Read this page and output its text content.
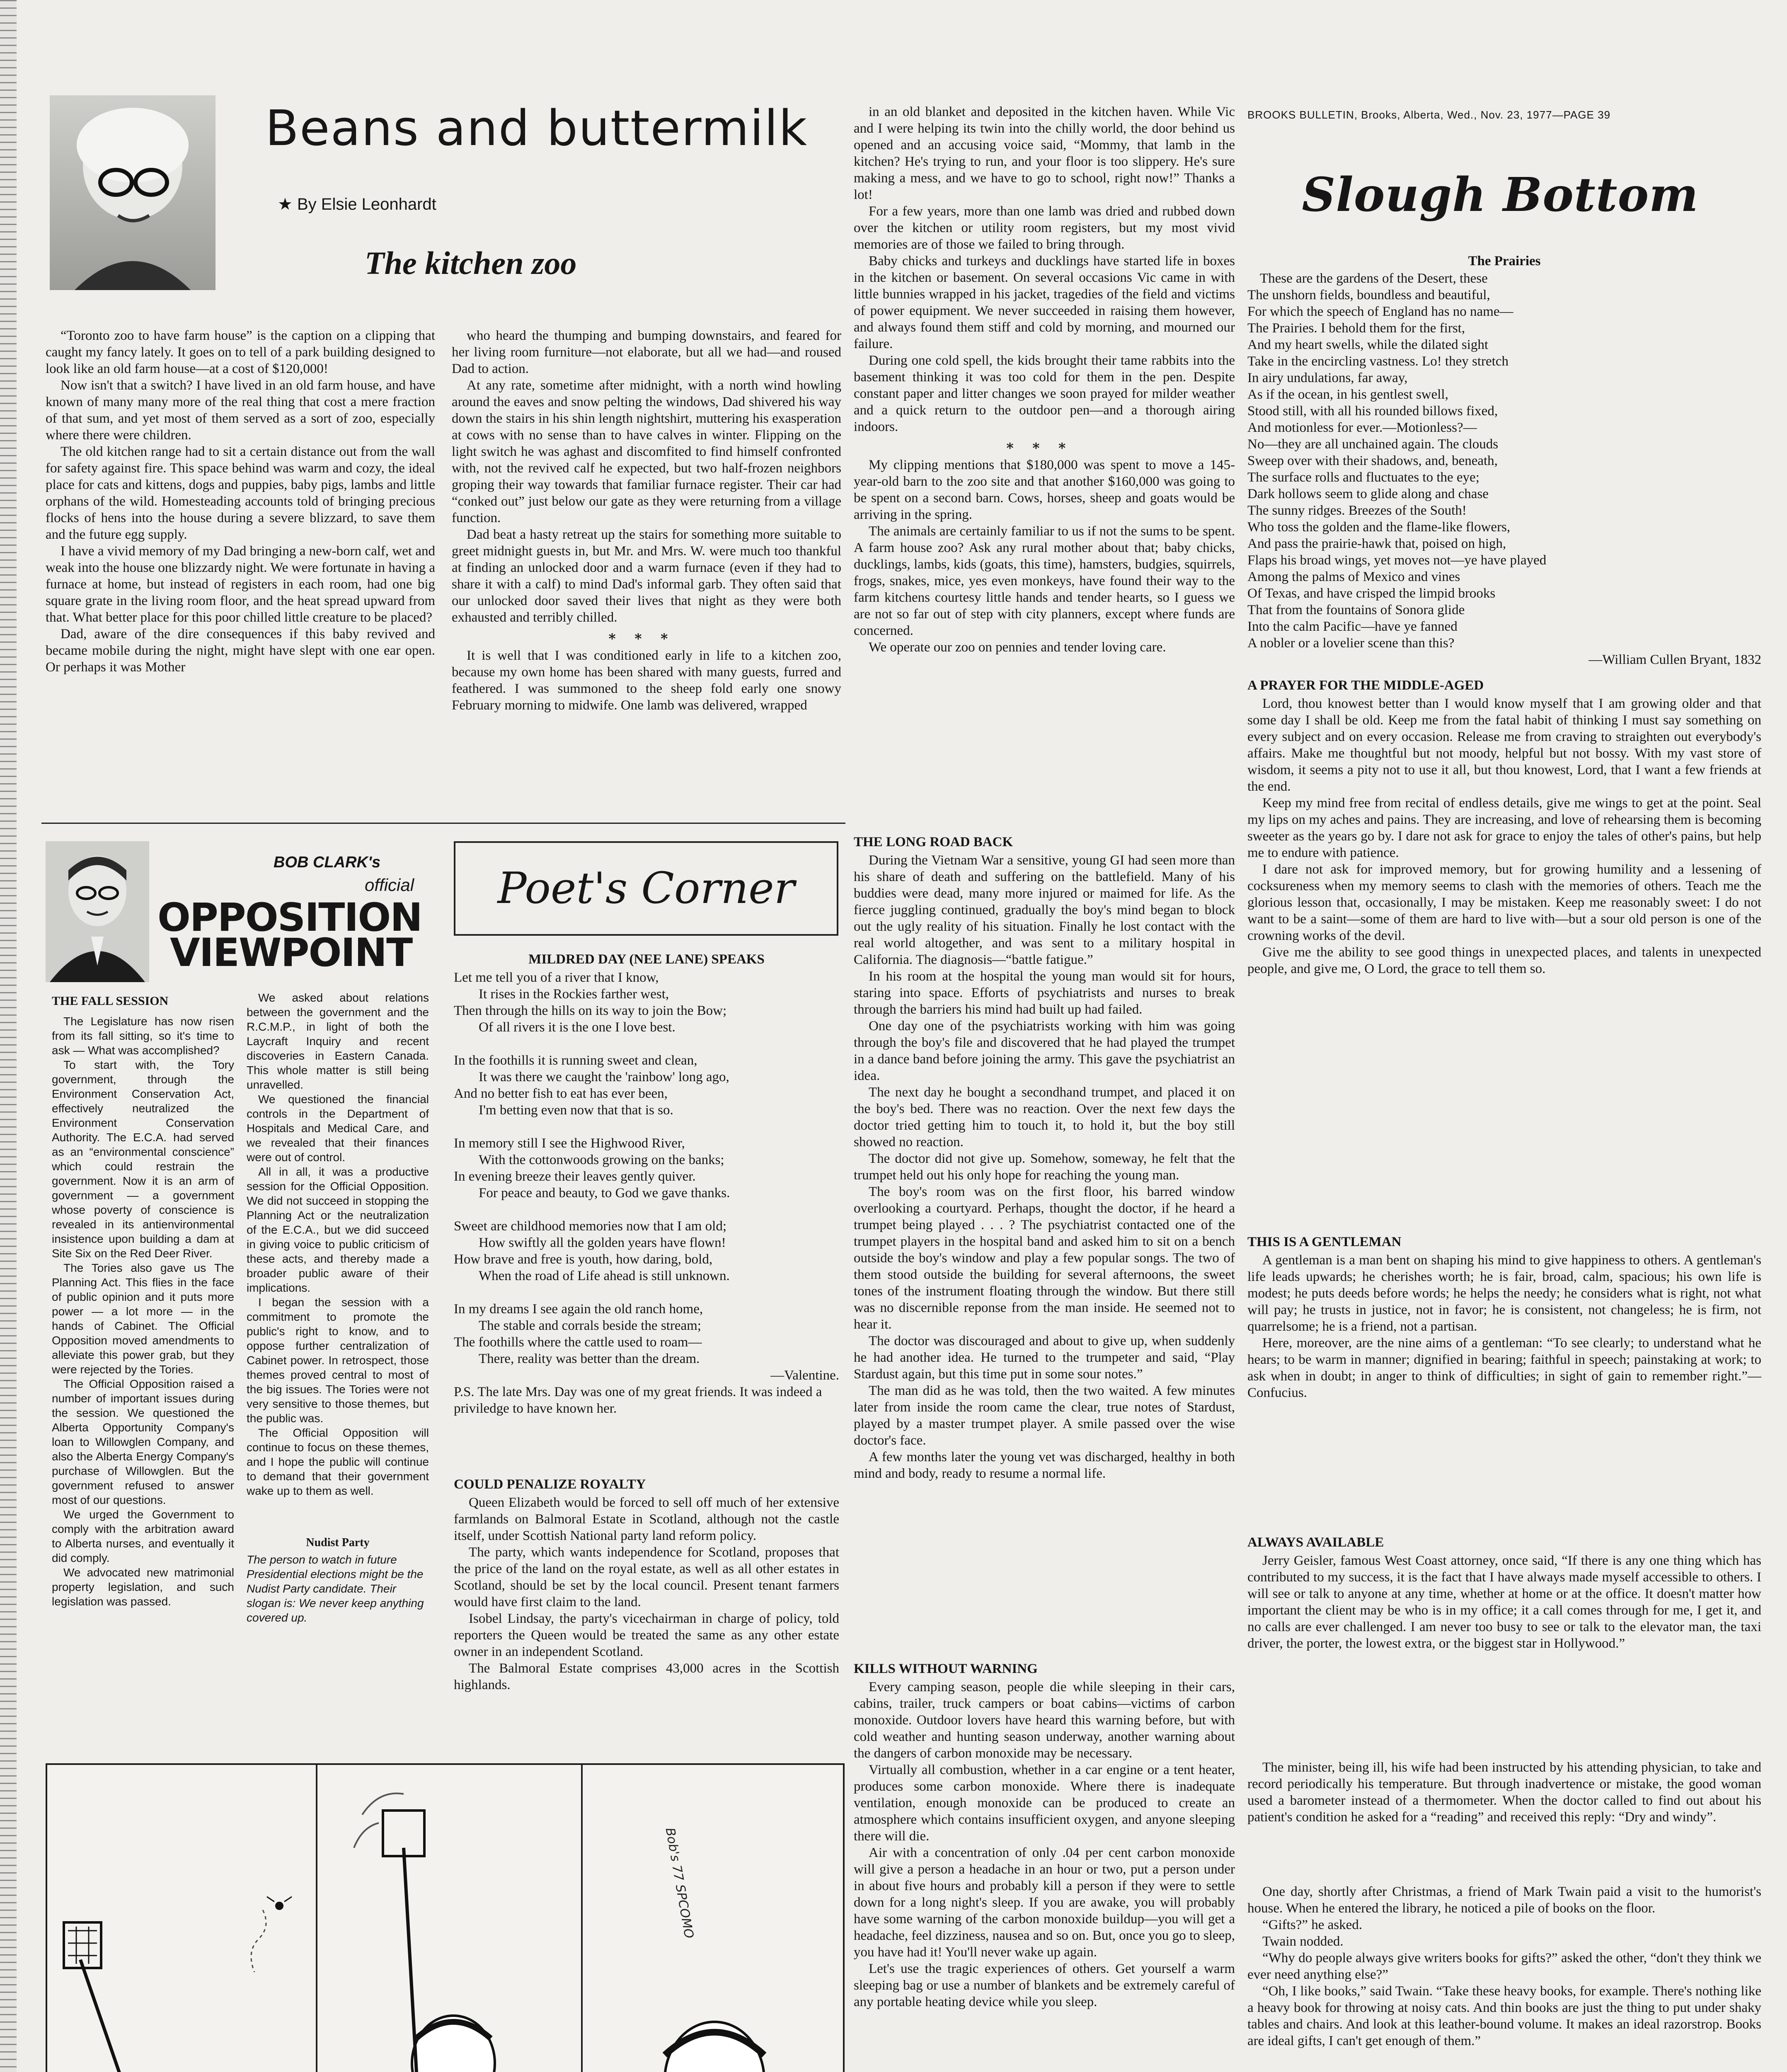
BROOKS BULLETIN, Brooks, Alberta, Wed., Nov. 23, 1977—PAGE 39
Beans and buttermilk
★ By Elsie Leonhardt
The kitchen zoo

“Toronto zoo to have farm house” is the caption on a clipping that caught my fancy lately. It goes on to tell of a park building designed to look like an old farm house—at a cost of $120,000!

Now isn't that a switch? I have lived in an old farm house, and have known of many many more of the real thing that cost a mere fraction of that sum, and yet most of them served as a sort of zoo, especially where there were children.

The old kitchen range had to sit a certain distance out from the wall for safety against fire. This space behind was warm and cozy, the ideal place for cats and kittens, dogs and puppies, baby pigs, lambs and little orphans of the wild. Homesteading accounts told of bringing precious flocks of hens into the house during a severe blizzard, to save them and the future egg supply.

I have a vivid memory of my Dad bringing a new-born calf, wet and weak into the house one blizzardy night. We were fortunate in having a furnace at home, but instead of registers in each room, had one big square grate in the living room floor, and the heat spread upward from that. What better place for this poor chilled little creature to be placed?

Dad, aware of the dire consequences if this baby revived and became mobile during the night, might have slept with one ear open. Or perhaps it was Mother

who heard the thumping and bumping downstairs, and feared for her living room furniture—not elaborate, but all we had—and roused Dad to action.

At any rate, sometime after midnight, with a north wind howling around the eaves and snow pelting the windows, Dad shivered his way down the stairs in his shin length nightshirt, muttering his exasperation at cows with no sense than to have calves in winter. Flipping on the light switch he was aghast and discomfited to find himself confronted with, not the revived calf he expected, but two half-frozen neighbors groping their way towards that familiar furnace register. Their car had “conked out” just below our gate as they were returning from a village function.

Dad beat a hasty retreat up the stairs for something more suitable to greet midnight guests in, but Mr. and Mrs. W. were much too thankful at finding an unlocked door and a warm furnace (even if they had to share it with a calf) to mind Dad's informal garb. They often said that our unlocked door saved their lives that night as they were both exhausted and terribly chilled.

∗∗∗

It is well that I was conditioned early in life to a kitchen zoo, because my own home has been shared with many guests, furred and feathered. I was summoned to the sheep fold early one snowy February morning to midwife. One lamb was delivered, wrapped

in an old blanket and deposited in the kitchen haven. While Vic and I were helping its twin into the chilly world, the door behind us opened and an accusing voice said, “Mommy, that lamb in the kitchen? He's trying to run, and your floor is too slippery. He's sure making a mess, and we have to go to school, right now!” Thanks a lot!

For a few years, more than one lamb was dried and rubbed down over the kitchen or utility room registers, but my most vivid memories are of those we failed to bring through.

Baby chicks and turkeys and ducklings have started life in boxes in the kitchen or basement. On several occasions Vic came in with little bunnies wrapped in his jacket, tragedies of the field and victims of power equipment. We never succeeded in raising them however, and always found them stiff and cold by morning, and mourned our failure.

During one cold spell, the kids brought their tame rabbits into the basement thinking it was too cold for them in the pen. Despite constant paper and litter changes we soon prayed for milder weather and a quick return to the outdoor pen—and a thorough airing indoors.

∗∗∗

My clipping mentions that $180,000 was spent to move a 145-year-old barn to the zoo site and that another $160,000 was going to be spent on a second barn. Cows, horses, sheep and goats would be arriving in the spring.

The animals are certainly familiar to us if not the sums to be spent. A farm house zoo? Ask any rural mother about that; baby chicks, ducklings, lambs, kids (goats, this time), hamsters, budgies, squirrels, frogs, snakes, mice, yes even monkeys, have found their way to the farm kitchens courtesy little hands and tender hearts, so I guess we are not so far out of step with city planners, except where funds are concerned.

We operate our zoo on pennies and tender loving care.

Slough Bottom
The Prairies

These are the gardens of the Desert, these

The unshorn fields, boundless and beautiful,

For which the speech of England has no name—

The Prairies. I behold them for the first,

And my heart swells, while the dilated sight

Take in the encircling vastness. Lo! they stretch

In airy undulations, far away,

As if the ocean, in his gentlest swell,

Stood still, with all his rounded billows fixed,

And motionless for ever.—Motionless?—

No—they are all unchained again. The clouds

Sweep over with their shadows, and, beneath,

The surface rolls and fluctuates to the eye;

Dark hollows seem to glide along and chase

The sunny ridges. Breezes of the South!

Who toss the golden and the flame-like flowers,

And pass the prairie-hawk that, poised on high,

Flaps his broad wings, yet moves not—ye have played

Among the palms of Mexico and vines

Of Texas, and have crisped the limpid brooks

That from the fountains of Sonora glide

Into the calm Pacific—have ye fanned

A nobler or a lovelier scene than this?

—William Cullen Bryant, 1832
A PRAYER FOR THE MIDDLE-AGED

Lord, thou knowest better than I would know myself that I am growing older and that some day I shall be old. Keep me from the fatal habit of thinking I must say something on every subject and on every occasion. Release me from craving to straighten out everybody's affairs. Make me thoughtful but not moody, helpful but not bossy. With my vast store of wisdom, it seems a pity not to use it all, but thou knowest, Lord, that I want a few friends at the end.

Keep my mind free from recital of endless details, give me wings to get at the point. Seal my lips on my aches and pains. They are increasing, and love of rehearsing them is becoming sweeter as the years go by. I dare not ask for grace to enjoy the tales of other's pains, but help me to endure with patience.

I dare not ask for improved memory, but for growing humility and a lessening of cocksureness when my memory seems to clash with the memories of others. Teach me the glorious lesson that, occasionally, I may be mistaken. Keep me reasonably sweet: I do not want to be a saint—some of them are hard to live with—but a sour old person is one of the crowning works of the devil.

Give me the ability to see good things in unexpected places, and talents in unexpected people, and give me, O Lord, the grace to tell them so.

THIS IS A GENTLEMAN

A gentleman is a man bent on shaping his mind to give happiness to others. A gentleman's life leads upwards; he cherishes worth; he is fair, broad, calm, spacious; his own life is modest; he puts deeds before words; he helps the needy; he considers what is right, not what will pay; he trusts in justice, not in favor; he is consistent, not changeless; he is firm, not quarrelsome; he is a friend, not a partisan.

Here, moreover, are the nine aims of a gentleman: “To see clearly; to understand what he hears; to be warm in manner; dignified in bearing; faithful in speech; painstaking at work; to ask when in doubt; in anger to think of difficulties; in sight of gain to remember right.”—Confucius.

ALWAYS AVAILABLE

Jerry Geisler, famous West Coast attorney, once said, “If there is any one thing which has contributed to my success, it is the fact that I have always made myself accessible to others. I will see or talk to anyone at any time, whether at home or at the office. It doesn't matter how important the client may be who is in my office; it a call comes through for me, I get it, and no calls are ever challenged. I am never too busy to see or talk to the elevator man, the taxi driver, the porter, the lowest extra, or the biggest star in Hollywood.”

The minister, being ill, his wife had been instructed by his attending physician, to take and record periodically his temperature. But through inadvertence or mistake, the good woman used a barometer instead of a thermometer. When the doctor called to find out about his patient's condition he asked for a “reading” and received this reply: “Dry and windy”.

One day, shortly after Christmas, a friend of Mark Twain paid a visit to the humorist's house. When he entered the library, he noticed a pile of books on the floor.

“Gifts?” he asked.

Twain nodded.

“Why do people always give writers books for gifts?” asked the other, “don't they think we ever need anything else?”

“Oh, I like books,” said Twain. “Take these heavy books, for example. There's nothing like a heavy book for throwing at noisy cats. And thin books are just the thing to put under shaky tables and chairs. And look at this leather-bound volume. It makes an ideal razorstrop. Books are ideal gifts, I can't get enough of them.”

THE LONG ROAD BACK

During the Vietnam War a sensitive, young GI had seen more than his share of death and suffering on the battlefield. Many of his buddies were dead, many more injured or maimed for life. As the fierce juggling continued, gradually the boy's mind began to block out the ugly reality of his situation. Finally he lost contact with the real world altogether, and was sent to a military hospital in California. The diagnosis—“battle fatigue.”

In his room at the hospital the young man would sit for hours, staring into space. Efforts of psychiatrists and nurses to break through the barriers his mind had built up had failed.

One day one of the psychiatrists working with him was going through the boy's file and discovered that he had played the trumpet in a dance band before joining the army. This gave the psychiatrist an idea.

The next day he bought a secondhand trumpet, and placed it on the boy's bed. There was no reaction. Over the next few days the doctor tried getting him to touch it, to hold it, but the boy still showed no reaction.

The doctor did not give up. Somehow, someway, he felt that the trumpet held out his only hope for reaching the young man.

The boy's room was on the first floor, his barred window overlooking a courtyard. Perhaps, thought the doctor, if he heard a trumpet being played . . . ? The psychiatrist contacted one of the trumpet players in the hospital band and asked him to sit on a bench outside the boy's window and play a few popular songs. The two of them stood outside the building for several afternoons, the sweet tones of the instrument floating through the window. But there still was no discernible reponse from the man inside. He seemed not to hear it.

The doctor was discouraged and about to give up, when suddenly he had another idea. He turned to the trumpeter and said, “Play Stardust again, but this time put in some sour notes.”

The man did as he was told, then the two waited. A few minutes later from inside the room came the clear, true notes of Stardust, played by a master trumpet player. A smile passed over the wise doctor's face.

A few months later the young vet was discharged, healthy in both mind and body, ready to resume a normal life.

KILLS WITHOUT WARNING

Every camping season, people die while sleeping in their cars, cabins, trailer, truck campers or boat cabins—victims of carbon monoxide. Outdoor lovers have heard this warning before, but with cold weather and hunting season underway, another warning about the dangers of carbon monoxide may be necessary.

Virtually all combustion, whether in a car engine or a tent heater, produces some carbon monoxide. Where there is inadequate ventilation, enough monoxide can be produced to create an atmosphere which contains insufficient oxygen, and anyone sleeping there will die.

Air with a concentration of only .04 per cent carbon monoxide will give a person a headache in an hour or two, put a person under in about five hours and probably kill a person if they were to settle down for a long night's sleep. If you are awake, you will probably have some warning of the carbon monoxide buildup—you will get a headache, feel dizziness, nausea and so on. But, once you go to sleep, you have had it! You'll never wake up again.

Let's use the tragic experiences of others. Get yourself a warm sleeping bag or use a number of blankets and be extremely careful of any portable heating device while you sleep.

BOB CLARK's
official
OPPOSITION
VIEWPOINT
THE FALL SESSION

The Legislature has now risen from its fall sitting, so it's time to ask — What was accomplished?

To start with, the Tory government, through the Environment Conservation Act, effectively neutralized the Environment Conservation Authority. The E.C.A. had served as an “environmental conscience” which could restrain the government. Now it is an arm of government — a government whose poverty of conscience is revealed in its antienvironmental insistence upon building a dam at Site Six on the Red Deer River.

The Tories also gave us The Planning Act. This flies in the face of public opinion and it puts more power — a lot more — in the hands of Cabinet. The Official Opposition moved amendments to alleviate this power grab, but they were rejected by the Tories.

The Official Opposition raised a number of important issues during the session. We questioned the Alberta Opportunity Company's loan to Willowglen Company, and also the Alberta Energy Company's purchase of Willowglen. But the government refused to answer most of our questions.

We urged the Government to comply with the arbitration award to Alberta nurses, and eventually it did comply.

We advocated new matrimonial property legislation, and such legislation was passed.

We asked about relations between the government and the R.C.M.P., in light of both the Laycraft Inquiry and recent discoveries in Eastern Canada. This whole matter is still being unravelled.

We questioned the financial controls in the Department of Hospitals and Medical Care, and we revealed that their finances were out of control.

All in all, it was a productive session for the Official Opposition. We did not succeed in stopping the Planning Act or the neutralization of the E.C.A., but we did succeed in giving voice to public criticism of these acts, and thereby made a broader public aware of their implications.

I began the session with a commitment to promote the public's right to know, and to oppose further centralization of Cabinet power. In retrospect, those themes proved central to most of the big issues. The Tories were not very sensitive to those themes, but the public was.

The Official Opposition will continue to focus on these themes, and I hope the public will continue to demand that their government wake up to them as well.

Nudist Party
The person to watch in future Presidential elections might be the Nudist Party candidate. Their slogan is: We never keep anything covered up.
Poet's Corner
MILDRED DAY (NEE LANE) SPEAKS

Let me tell you of a river that I know,

It rises in the Rockies farther west,

Then through the hills on its way to join the Bow;

Of all rivers it is the one I love best.

In the foothills it is running sweet and clean,

It was there we caught the 'rainbow' long ago,

And no better fish to eat has ever been,

I'm betting even now that that is so.

In memory still I see the Highwood River,

With the cottonwoods growing on the banks;

In evening breeze their leaves gently quiver.

For peace and beauty, to God we gave thanks.

Sweet are childhood memories now that I am old;

How swiftly all the golden years have flown!

How brave and free is youth, how daring, bold,

When the road of Life ahead is still unknown.

In my dreams I see again the old ranch home,

The stable and corrals beside the stream;

The foothills where the cattle used to roam—

There, reality was better than the dream.

—Valentine.

P.S. The late Mrs. Day was one of my great friends. It was indeed a priviledge to have known her.

COULD PENALIZE ROYALTY

Queen Elizabeth would be forced to sell off much of her extensive farmlands on Balmoral Estate in Scotland, although not the castle itself, under Scottish National party land reform policy.

The party, which wants independence for Scotland, proposes that the price of the land on the royal estate, as well as all other estates in Scotland, should be set by the local council. Present tenant farmers would have first claim to the land.

Isobel Lindsay, the party's vicechairman in charge of policy, told reporters the Queen would be treated the same as any other estate owner in an independent Scotland.

The Balmoral Estate comprises 43,000 acres in the Scottish highlands.

Bob's 77 SPCOMO
